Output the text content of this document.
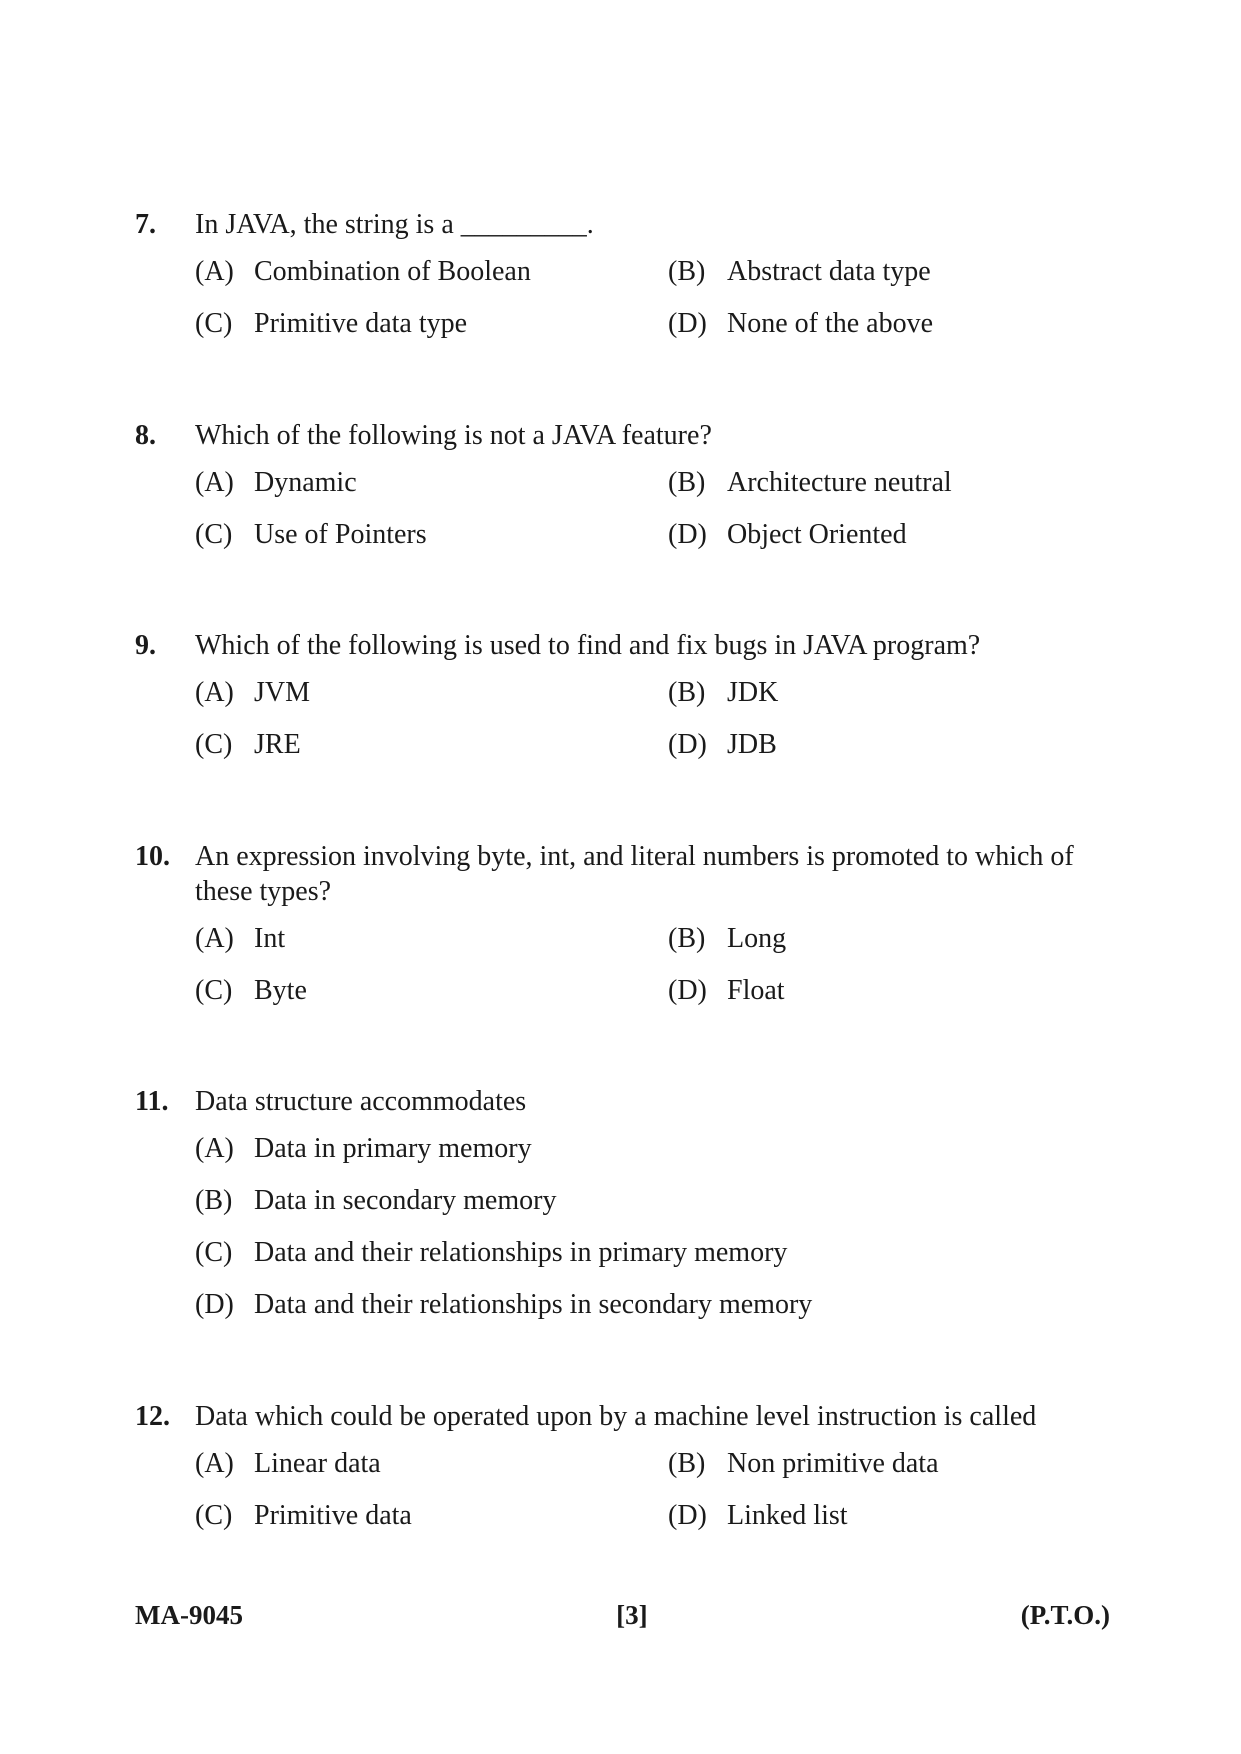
7.	In JAVA, the string is a _________.
(A) Combination of Boolean	(B) Abstract data type
(C) Primitive data type	(D) None of the above
8.	Which of the following is not a JAVA feature?
(A) Dynamic	(B) Architecture neutral
(C) Use of Pointers	(D) Object Oriented
9.	Which of the following is used to find and fix bugs in JAVA program?
(A) JVM	(B) JDK
(C) JRE	(D) JDB
10. An expression involving byte, int, and literal numbers is promoted to which of these types?
(A) Int	(B) Long
(C) Byte	(D) Float
11. Data structure accommodates
(A) Data in primary memory
(B) Data in secondary memory
(C) Data and their relationships in primary memory
(D) Data and their relationships in secondary memory
12. Data which could be operated upon by a machine level instruction is called
(A) Linear data	(B) Non primitive data
(C) Primitive data	(D) Linked list
MA-9045	[3]	(P.T.O.)
